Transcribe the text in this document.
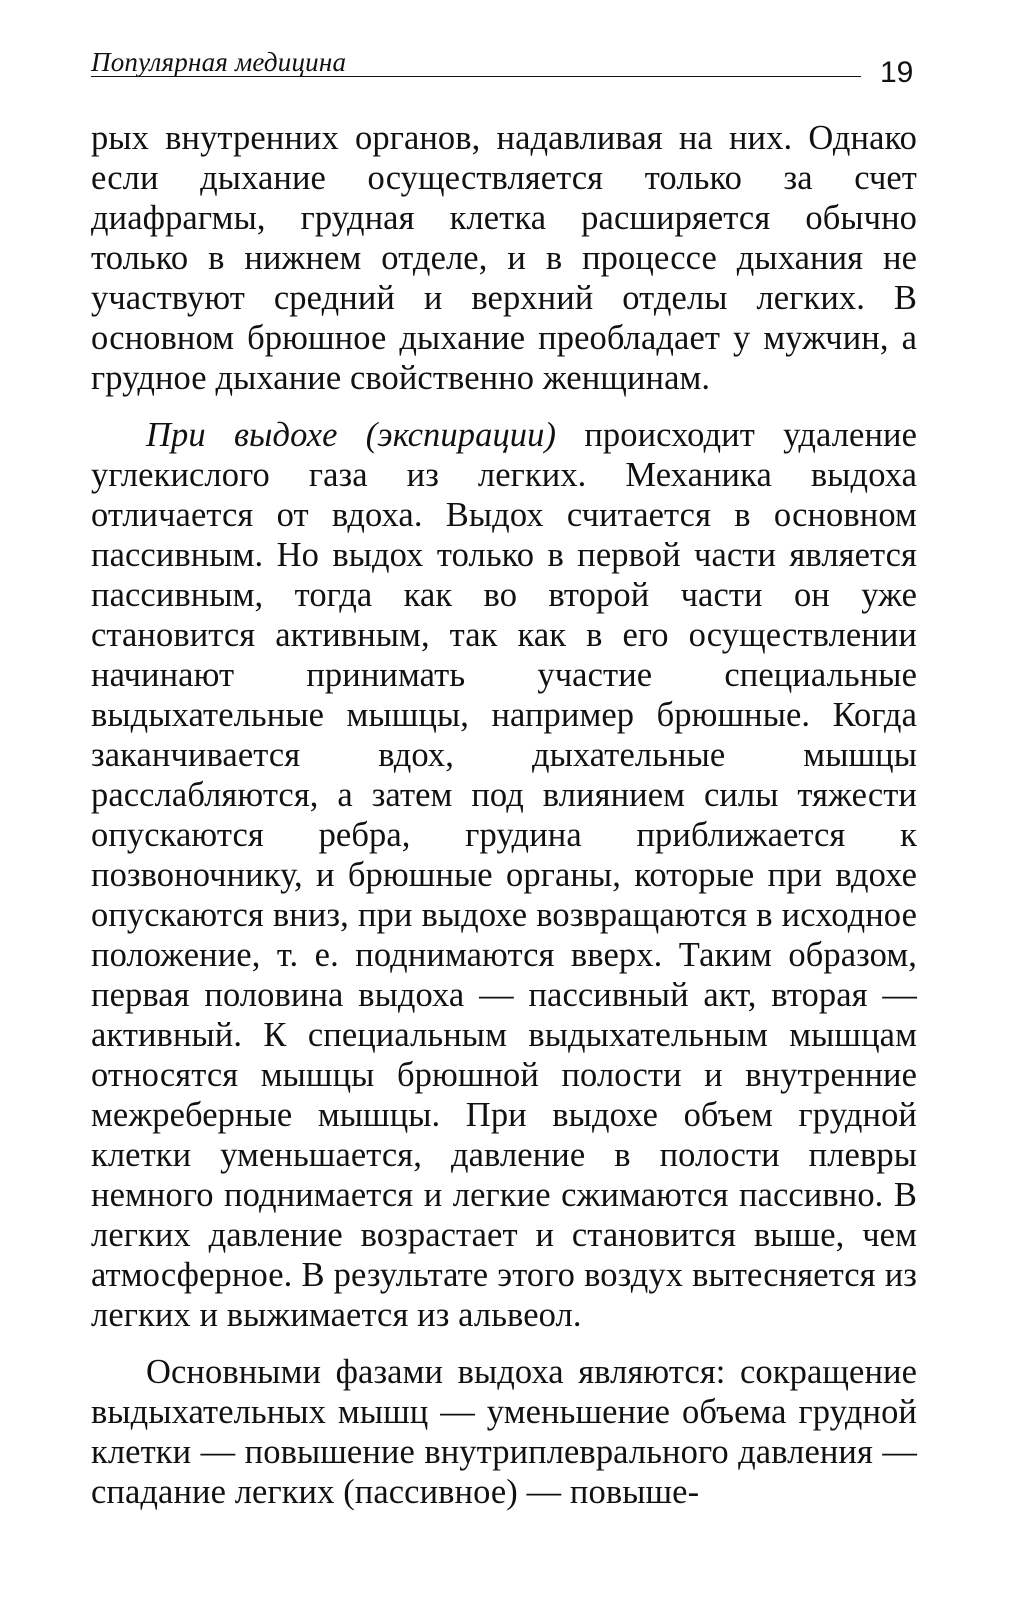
Популярная медицина	19

рых внутренних органов, надавливая на них. Однако если дыхание осуществляется только за счет диафрагмы, грудная клетка расширяется обычно только в нижнем отделе, и в процессе дыхания не участвуют средний и верхний отделы легких. В основном брюшное дыхание преобладает у мужчин, а грудное дыхание свойственно женщинам.

При выдохе (экспирации) происходит удаление углекислого газа из легких. Механика выдоха отличается от вдоха. Выдох считается в основном пассивным. Но выдох только в первой части является пассивным, тогда как во второй части он уже становится активным, так как в его осуществлении начинают принимать участие специальные выдыхательные мышцы, например брюшные. Когда заканчивается вдох, дыхательные мышцы расслабляются, а затем под влиянием силы тяжести опускаются ребра, грудина приближается к позвоночнику, и брюшные органы, которые при вдохе опускаются вниз, при выдохе возвращаются в исходное положение, т. е. поднимаются вверх. Таким образом, первая половина выдоха — пассивный акт, вторая — активный. К специальным выдыхательным мышцам относятся мышцы брюшной полости и внутренние межреберные мышцы. При выдохе объем грудной клетки уменьшается, давление в полости плевры немного поднимается и легкие сжимаются пассивно. В легких давление возрастает и становится выше, чем атмосферное. В результате этого воздух вытесняется из легких и выжимается из альвеол.

Основными фазами выдоха являются: сокращение выдыхательных мышц — уменьшение объема грудной клетки — повышение внутриплеврального давления — спадание легких (пассивное) — повыше-
